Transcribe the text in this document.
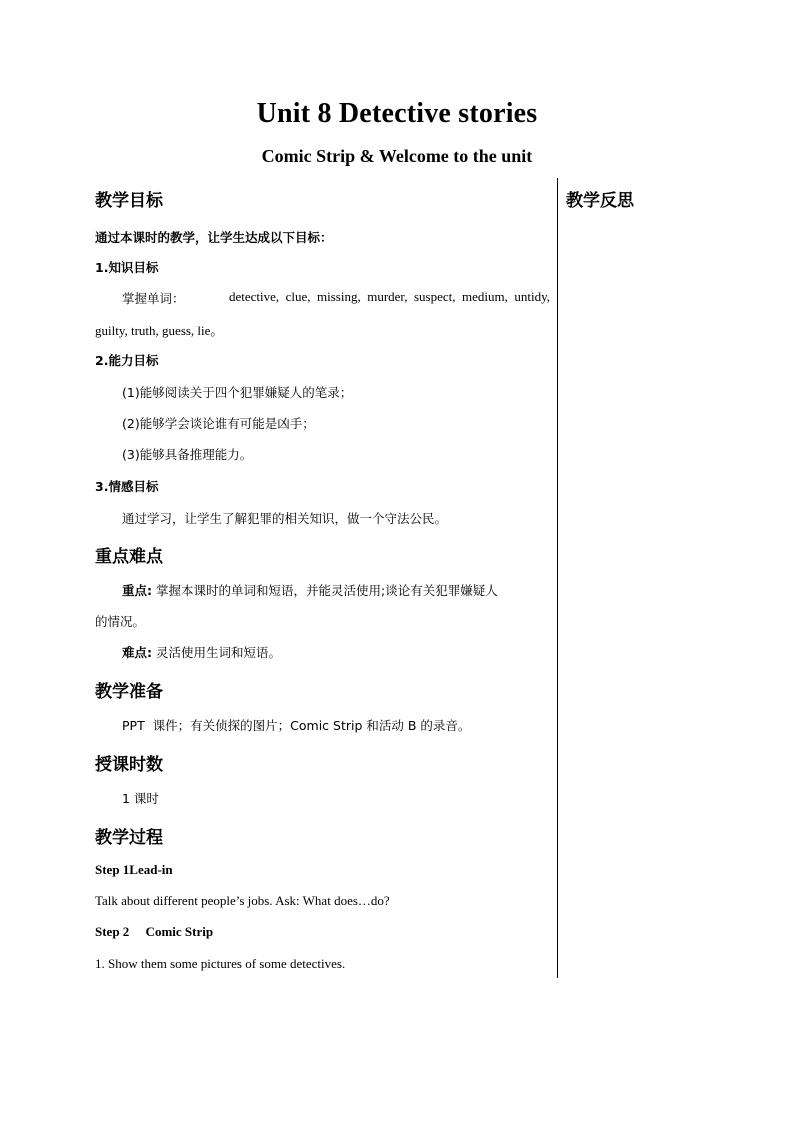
Unit 8 Detective stories
Comic Strip & Welcome to the unit
教学反思
教学目标
通过本课时的教学，让学生达成以下目标：
1.知识目标
掌握单词：	detective,  clue,  missing,  murder,  suspect,  medium,  untidy,
guilty, truth, guess, lie。
2.能力目标
(1)能够阅读关于四个犯罪嫌疑人的笔录；
(2)能够学会谈论谁有可能是凶手；
(3)能够具备推理能力。
3.情感目标
通过学习，让学生了解犯罪的相关知识，做一个守法公民。
重点难点
重点: 掌握本课时的单词和短语，并能灵活使用;谈论有关犯罪嫌疑人
的情况。
难点: 灵活使用生词和短语。
教学准备
PPT  课件；有关侦探的图片；Comic Strip 和活动 B 的录音。
授课时数
1 课时
教学过程
Step 1Lead-in
Talk about different people’s jobs. Ask: What does…do?
Step 2     Comic Strip
1. Show them some pictures of some detectives.
